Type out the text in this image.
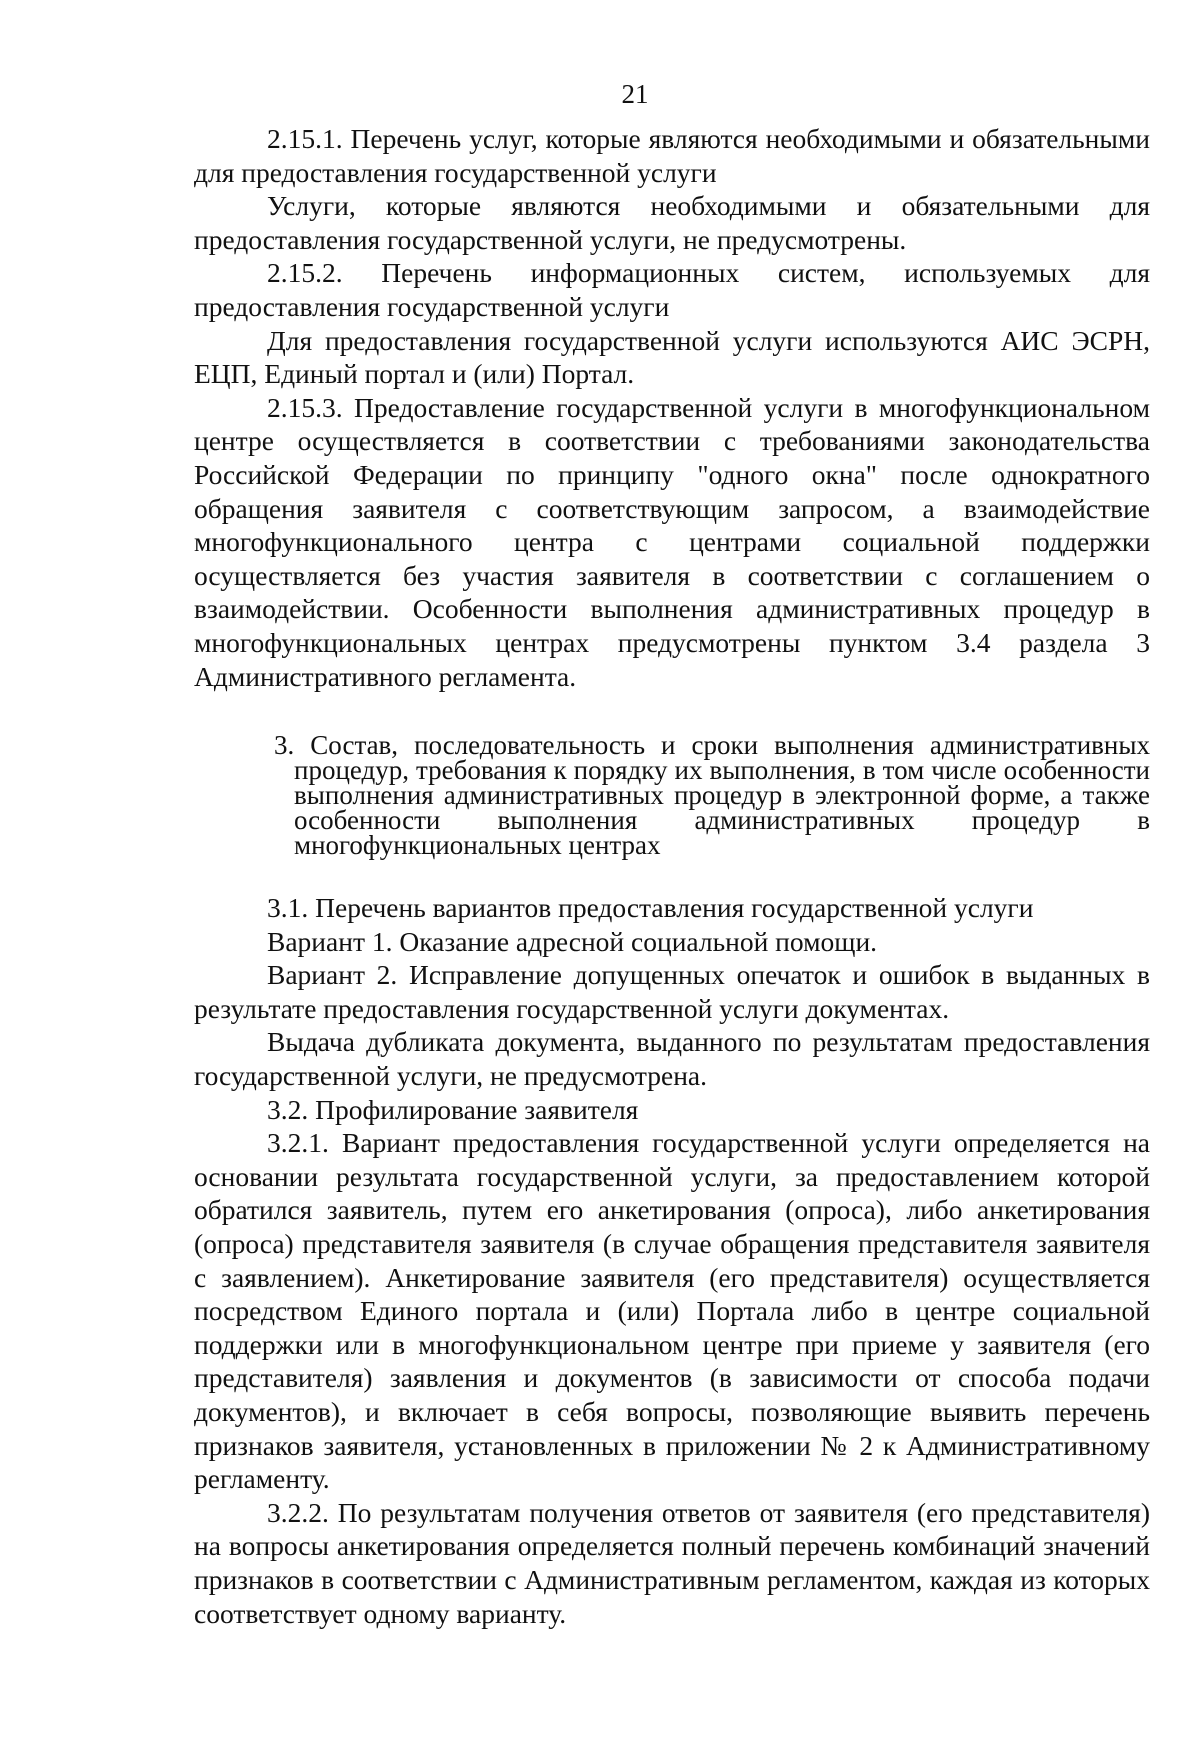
21

2.15.1. Перечень услуг, которые являются необходимыми и обязательными для предоставления государственной услуги

Услуги, которые являются необходимыми и обязательными для предоставления государственной услуги, не предусмотрены.

2.15.2. Перечень информационных систем, используемых для предоставления государственной услуги

Для предоставления государственной услуги используются АИС ЭСРН, ЕЦП, Единый портал и (или) Портал.

2.15.3. Предоставление государственной услуги в многофункциональном центре осуществляется в соответствии с требованиями законодательства Российской Федерации по принципу "одного окна" после однократного обращения заявителя с соответствующим запросом, а взаимодействие многофункционального центра с центрами социальной поддержки осуществляется без участия заявителя в соответствии с соглашением о взаимодействии. Особенности выполнения административных процедур в многофункциональных центрах предусмотрены пунктом 3.4 раздела 3 Административного регламента.

3. Состав, последовательность и сроки выполнения административных процедур, требования к порядку их выполнения, в том числе особенности выполнения административных процедур в электронной форме, а также особенности выполнения административных процедур в многофункциональных центрах

3.1. Перечень вариантов предоставления государственной услуги

Вариант 1. Оказание адресной социальной помощи.

Вариант 2. Исправление допущенных опечаток и ошибок в выданных в результате предоставления государственной услуги документах.

Выдача дубликата документа, выданного по результатам предоставления государственной услуги, не предусмотрена.

3.2. Профилирование заявителя

3.2.1. Вариант предоставления государственной услуги определяется на основании результата государственной услуги, за предоставлением которой обратился заявитель, путем его анкетирования (опроса), либо анкетирования (опроса) представителя заявителя (в случае обращения представителя заявителя с заявлением). Анкетирование заявителя (его представителя) осуществляется посредством Единого портала и (или) Портала либо в центре социальной поддержки или в многофункциональном центре при приеме у заявителя (его представителя) заявления и документов (в зависимости от способа подачи документов), и включает в себя вопросы, позволяющие выявить перечень признаков заявителя, установленных в приложении № 2 к Административному регламенту.

3.2.2. По результатам получения ответов от заявителя (его представителя) на вопросы анкетирования определяется полный перечень комбинаций значений признаков в соответствии с Административным регламентом, каждая из которых соответствует одному варианту.
